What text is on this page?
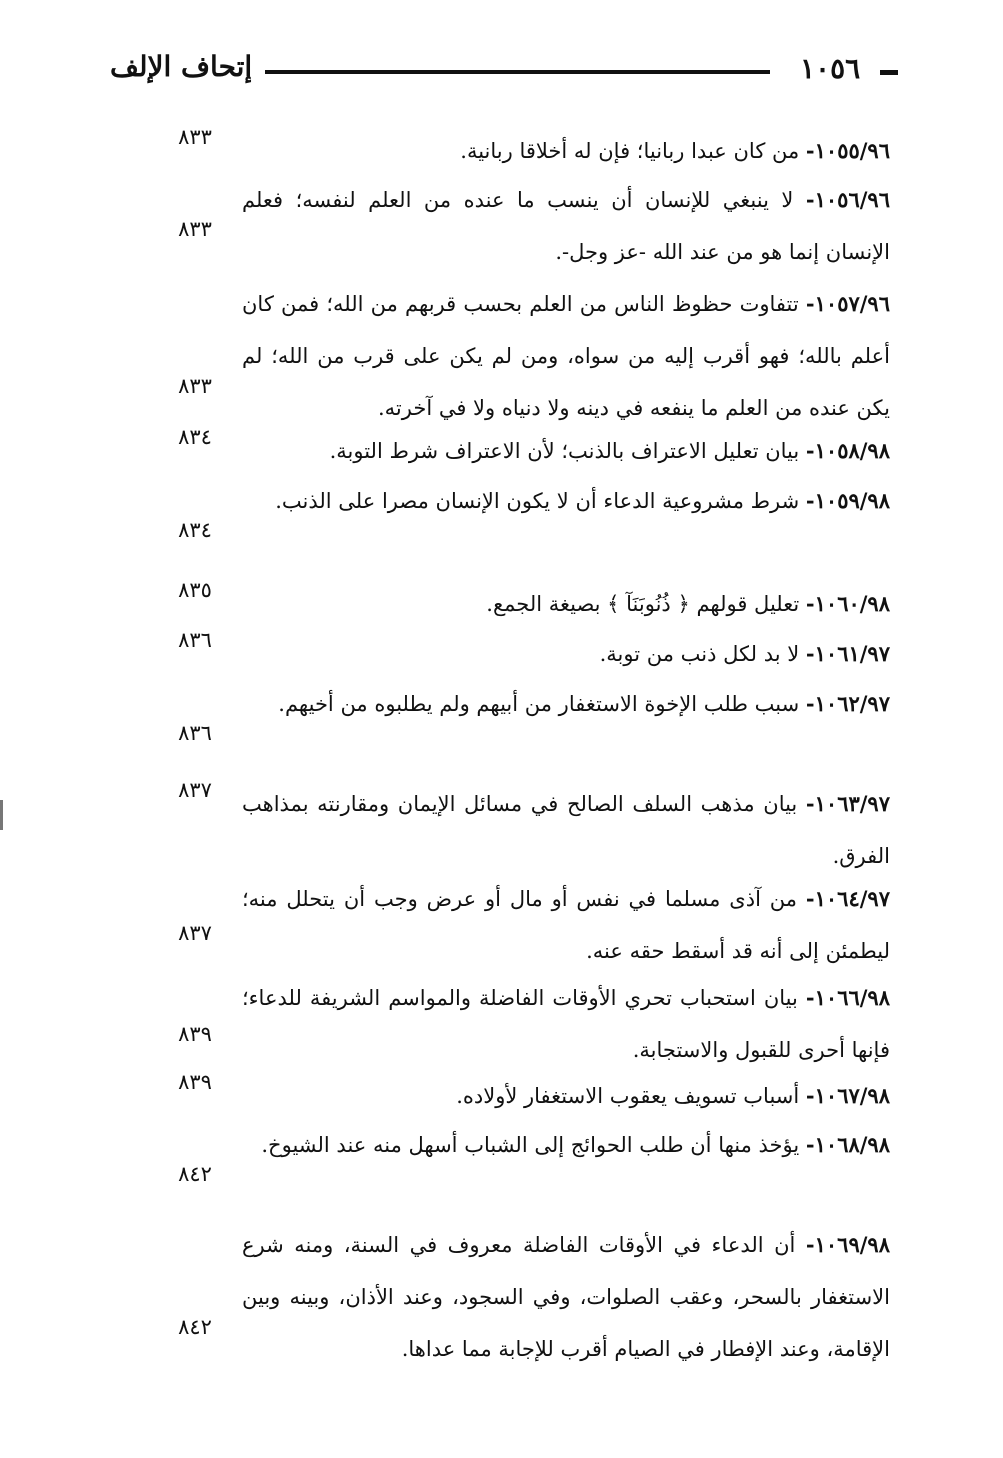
إتحاف الإلف	١٠٥٦
١٠٥٥/٩٦- من كان عبدا ربانيا؛ فإن له أخلاقا ربانية.
٨٣٣
١٠٥٦/٩٦- لا ينبغي للإنسان أن ينسب ما عنده من العلم لنفسه؛ فعلم الإنسان إنما هو من عند الله -عز وجل-.
٨٣٣
١٠٥٧/٩٦- تتفاوت حظوظ الناس من العلم بحسب قربهم من الله؛ فمن كان أعلم بالله؛ فهو أقرب إليه من سواه، ومن لم يكن على قرب من الله؛ لم يكن عنده من العلم ما ينفعه في دينه ولا دنياه ولا في آخرته.
٨٣٣
١٠٥٨/٩٨- بيان تعليل الاعتراف بالذنب؛ لأن الاعتراف شرط التوبة.
٨٣٤
١٠٥٩/٩٨- شرط مشروعية الدعاء أن لا يكون الإنسان مصرا على الذنب.
٨٣٤
١٠٦٠/٩٨- تعليل قولهم ﴿ ذُنُوبَنَآ ﴾ بصيغة الجمع.
٨٣٥
١٠٦١/٩٧- لا بد لكل ذنب من توبة.
٨٣٦
١٠٦٢/٩٧- سبب طلب الإخوة الاستغفار من أبيهم ولم يطلبوه من أخيهم.
٨٣٦
١٠٦٣/٩٧- بيان مذهب السلف الصالح في مسائل الإيمان ومقارنته بمذاهب الفرق.
٨٣٧
١٠٦٤/٩٧- من آذى مسلما في نفس أو مال أو عرض وجب أن يتحلل منه؛ ليطمئن إلى أنه قد أسقط حقه عنه.
٨٣٧
١٠٦٦/٩٨- بيان استحباب تحري الأوقات الفاضلة والمواسم الشريفة للدعاء؛ فإنها أحرى للقبول والاستجابة.
٨٣٩
١٠٦٧/٩٨- أسباب تسويف يعقوب الاستغفار لأولاده.
٨٣٩
١٠٦٨/٩٨- يؤخذ منها أن طلب الحوائج إلى الشباب أسهل منه عند الشيوخ.
٨٤٢
١٠٦٩/٩٨- أن الدعاء في الأوقات الفاضلة معروف في السنة، ومنه شرع الاستغفار بالسحر، وعقب الصلوات، وفي السجود، وعند الأذان، وبينه وبين الإقامة، وعند الإفطار في الصيام أقرب للإجابة مما عداها.
٨٤٢
